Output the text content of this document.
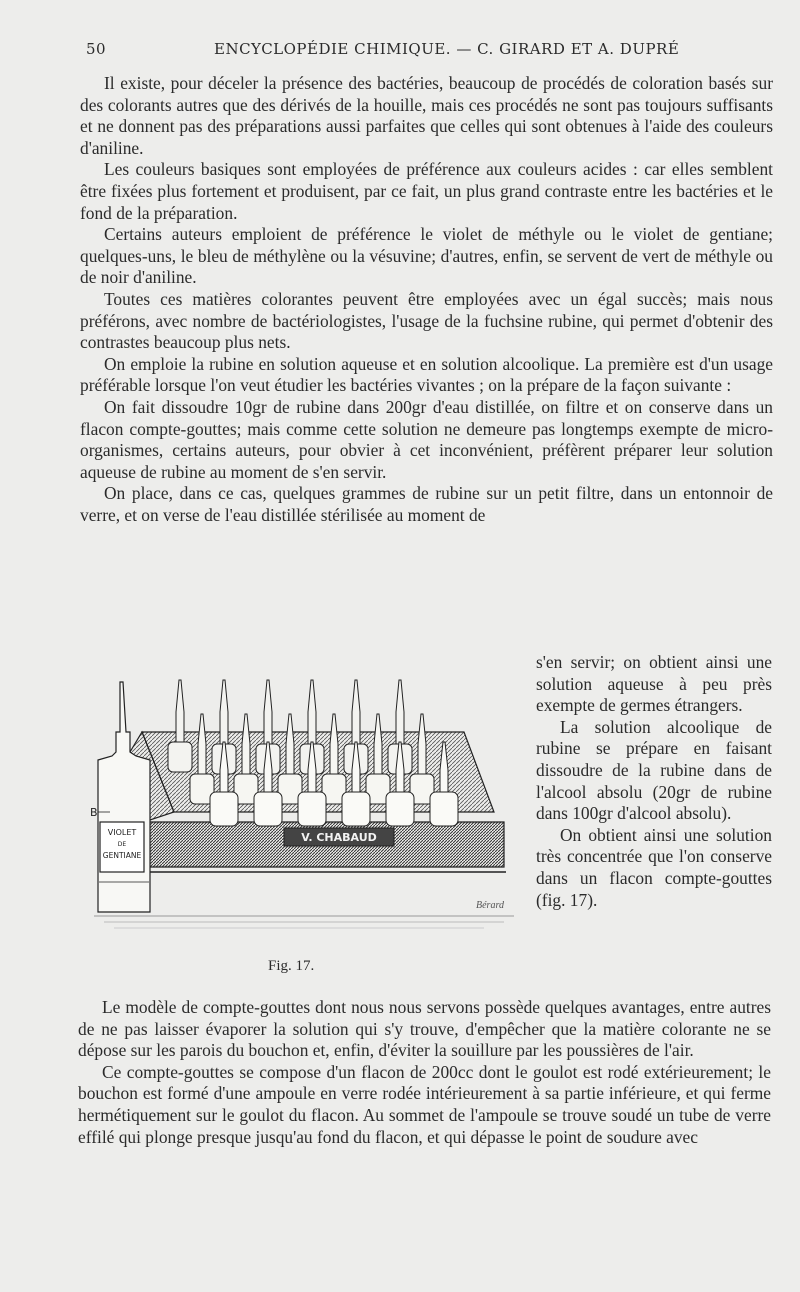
50	ENCYCLOPÉDIE CHIMIQUE. — C. GIRARD ET A. DUPRÉ

Il existe, pour déceler la présence des bactéries, beaucoup de procédés de coloration basés sur des colorants autres que des dérivés de la houille, mais ces procédés ne sont pas toujours suffisants et ne donnent pas des préparations aussi parfaites que celles qui sont obtenues à l'aide des couleurs d'aniline.

Les couleurs basiques sont employées de préférence aux couleurs acides : car elles semblent être fixées plus fortement et produisent, par ce fait, un plus grand contraste entre les bactéries et le fond de la préparation.

Certains auteurs emploient de préférence le violet de méthyle ou le violet de gentiane; quelques-uns, le bleu de méthylène ou la vésuvine; d'autres, enfin, se servent de vert de méthyle ou de noir d'aniline.

Toutes ces matières colorantes peuvent être employées avec un égal succès; mais nous préférons, avec nombre de bactériologistes, l'usage de la fuchsine rubine, qui permet d'obtenir des contrastes beaucoup plus nets.

On emploie la rubine en solution aqueuse et en solution alcoolique. La première est d'un usage préférable lorsque l'on veut étudier les bactéries vivantes ; on la prépare de la façon suivante :

On fait dissoudre 10gr de rubine dans 200gr d'eau distillée, on filtre et on conserve dans un flacon compte-gouttes; mais comme cette solution ne demeure pas longtemps exempte de micro-organismes, certains auteurs, pour obvier à cet inconvénient, préfèrent préparer leur solution aqueuse de rubine au moment de s'en servir.

On place, dans ce cas, quelques grammes de rubine sur un petit filtre, dans un entonnoir de verre, et on verse de l'eau distillée stérilisée au moment de

V. CHABAUD
VIOLET
DE
GENTIANE
B
Bérard
Fig. 17.

s'en servir; on obtient ainsi une solution aqueuse à peu près exempte de germes étrangers.

La solution alcoolique de rubine se prépare en faisant dissoudre de la rubine dans de l'alcool absolu (20gr de rubine dans 100gr d'alcool absolu).

On obtient ainsi une solution très concentrée que l'on conserve dans un flacon compte-gouttes (fig. 17).

Le modèle de compte-gouttes dont nous nous servons possède quelques avantages, entre autres de ne pas laisser évaporer la solution qui s'y trouve, d'empêcher que la matière colorante ne se dépose sur les parois du bouchon et, enfin, d'éviter la souillure par les poussières de l'air.

Ce compte-gouttes se compose d'un flacon de 200cc dont le goulot est rodé extérieurement; le bouchon est formé d'une ampoule en verre rodée intérieurement à sa partie inférieure, et qui ferme hermétiquement sur le goulot du flacon. Au sommet de l'ampoule se trouve soudé un tube de verre effilé qui plonge presque jusqu'au fond du flacon, et qui dépasse le point de soudure avec
